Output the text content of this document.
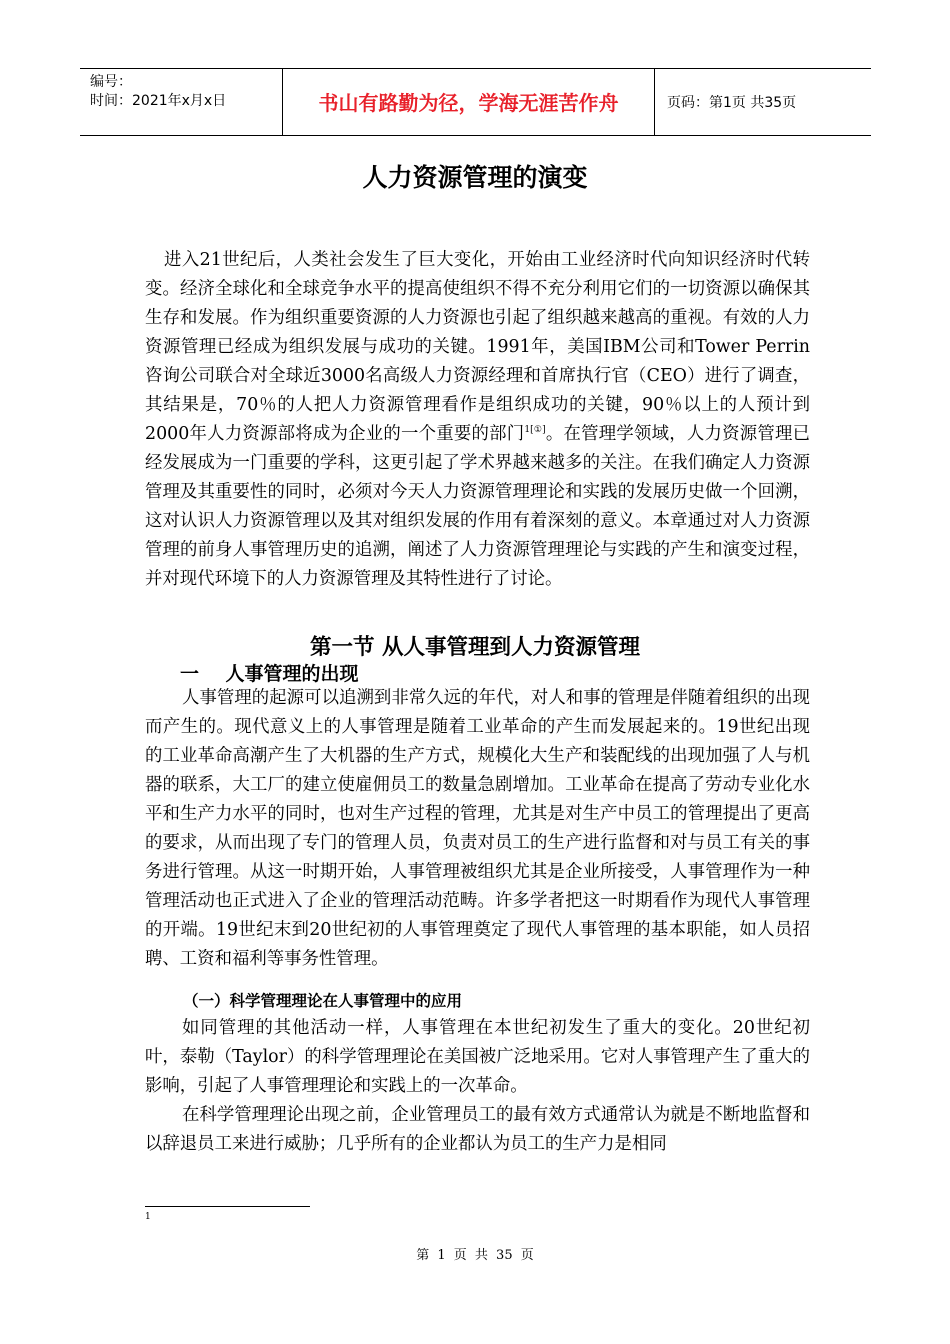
编号：
时间：2021年x月x日	书山有路勤为径，学海无涯苦作舟	页码：第1页 共35页
人力资源管理的演变

进入21世纪后，人类社会发生了巨大变化，开始由工业经济时代向知识经济时代转变。经济全球化和全球竞争水平的提高使组织不得不充分利用它们的一切资源以确保其生存和发展。作为组织重要资源的人力资源也引起了组织越来越高的重视。有效的人力资源管理已经成为组织发展与成功的关键。1991年，美国IBM公司和Tower Perrin咨询公司联合对全球近3000名高级人力资源经理和首席执行官（CEO）进行了调查，其结果是，70％的人把人力资源管理看作是组织成功的关键，90％以上的人预计到2000年人力资源部将成为企业的一个重要的部门$^{1[①]}$。在管理学领域，人力资源管理已经发展成为一门重要的学科，这更引起了学术界越来越多的关注。在我们确定人力资源管理及其重要性的同时，必须对今天人力资源管理理论和实践的发展历史做一个回溯，这对认识人力资源管理以及其对组织发展的作用有着深刻的意义。本章通过对人力资源管理的前身人事管理历史的追溯，阐述了人力资源管理理论与实践的产生和演变过程，并对现代环境下的人力资源管理及其特性进行了讨论。

第一节 从人事管理到人力资源管理
一    人事管理的出现

人事管理的起源可以追溯到非常久远的年代，对人和事的管理是伴随着组织的出现而产生的。现代意义上的人事管理是随着工业革命的产生而发展起来的。19世纪出现的工业革命高潮产生了大机器的生产方式，规模化大生产和装配线的出现加强了人与机器的联系，大工厂的建立使雇佣员工的数量急剧增加。工业革命在提高了劳动专业化水平和生产力水平的同时，也对生产过程的管理，尤其是对生产中员工的管理提出了更高的要求，从而出现了专门的管理人员，负责对员工的生产进行监督和对与员工有关的事务进行管理。从这一时期开始，人事管理被组织尤其是企业所接受，人事管理作为一种管理活动也正式进入了企业的管理活动范畴。许多学者把这一时期看作为现代人事管理的开端。19世纪末到20世纪初的人事管理奠定了现代人事管理的基本职能，如人员招聘、工资和福利等事务性管理。

（一）科学管理理论在人事管理中的应用

如同管理的其他活动一样，人事管理在本世纪初发生了重大的变化。20世纪初叶，泰勒（Taylor）的科学管理理论在美国被广泛地采用。它对人事管理产生了重大的影响，引起了人事管理理论和实践上的一次革命。

在科学管理理论出现之前，企业管理员工的最有效方式通常认为就是不断地监督和以辞退员工来进行威胁；几乎所有的企业都认为员工的生产力是相同

1
第 1 页 共 35 页
